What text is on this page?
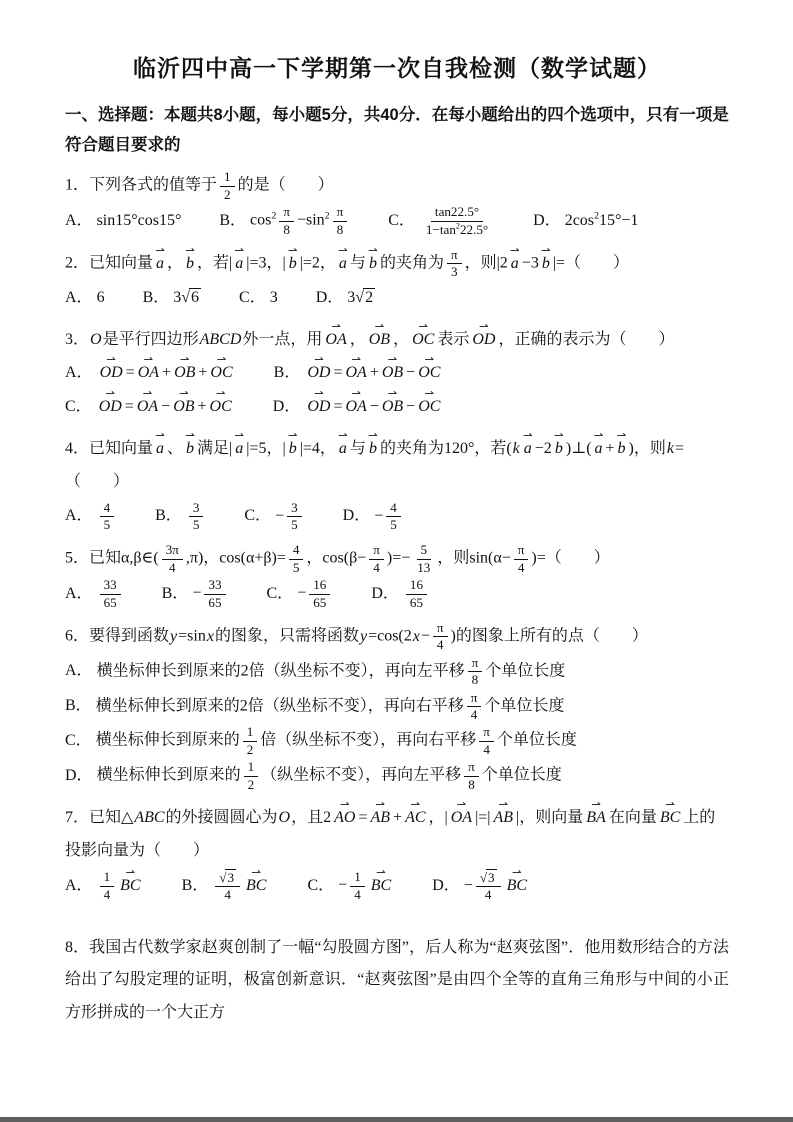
临沂四中高一下学期第一次自我检测（数学试题）
一、选择题：本题共8小题，每小题5分，共40分．在每小题给出的四个选项中，只有一项是符合题目要求的
1．下列各式的值等于 $\frac{1}{2}$ 的是（　　）
A． sin15°cos15° B． $\cos^2 \frac{\pi}{8} -\sin^2 \frac{\pi}{8}$	C． $\frac{\tan 22.5^\circ}{1-\tan^222.5^\circ}$	D． $2\cos^215^\circ-1$
2．已知向量 ⇀ a ， ⇀ b ，若| ⇀ a |=3，| ⇀ b |=2， ⇀ a 与 ⇀ b 的夹角为 $\frac{\pi}{3}$ ，则|2 ⇀ a −3 ⇀ b |=（　　）
A． 6 B． 3√6	C． 3 D． 3√2
3．O是平行四边形ABCD外一点，用 ⇀ OA ， ⇀ OB ， ⇀ OC 表示 ⇀ OD ，正确的表示为（　　）
A． ⇀ OD = ⇀ OA + ⇀ OB + ⇀ OC	B． ⇀ OD = ⇀ OA + ⇀ OB − ⇀ OC
C． ⇀ OD = ⇀ OA − ⇀ OB + ⇀ OC	D． ⇀ OD = ⇀ OA − ⇀ OB − ⇀ OC
4．已知向量 ⇀ a 、 ⇀ b 满足| ⇀ a |=5，| ⇀ b |=4， ⇀ a 与 ⇀ b 的夹角为120°，若(k ⇀ a −2 ⇀ b )⊥( ⇀ a + ⇀ b )，则k=（　　）
A． $\frac{4}{5}$	B． $\frac{3}{5}$	C． − $\frac{3}{5}$	D． − $\frac{4}{5}$
5．已知α,β∈( $\frac{3\pi}{4} ,\pi$)，$\cos(\alpha+\beta)= \frac{4}{5}$ ，$\cos(\beta- \frac{\pi}{4}$ )=− $\frac{5}{13}$ ，则$\sin(\alpha- \frac{\pi}{4}$ )=（　　）
A． $\frac{33}{65}$	B． − $\frac{33}{65}$	C． − $\frac{16}{65}$	D． $\frac{16}{65}$
6．要得到函数y=sinx的图象，只需将函数$y=\cos(2x- \frac{\pi}{4}$ )的图象上所有的点（　　）
A． 横坐标伸长到原来的2倍（纵坐标不变），再向左平移 $\frac{\pi}{8}$ 个单位长度
B． 横坐标伸长到原来的2倍（纵坐标不变），再向右平移 $\frac{\pi}{4}$ 个单位长度
C． 横坐标伸长到原来的 $\frac{1}{2}$ 倍（纵坐标不变），再向右平移 $\frac{\pi}{4}$ 个单位长度
D． 横坐标伸长到原来的 $\frac{1}{2}$ （纵坐标不变），再向左平移 $\frac{\pi}{8}$ 个单位长度
7．已知△ABC的外接圆圆心为O，且2 ⇀ AO = ⇀ AB + ⇀ AC ，| ⇀ OA |=| ⇀ AB |，则向量 ⇀ BA 在向量 ⇀ BC 上的投影向量为（　　）
A． $\frac{1}{4}$ ⇀ BC	B． $\frac{√3}{4}$ ⇀ BC	C． − $\frac{1}{4}$ ⇀ BC	D． − $\frac{√3}{4}$ ⇀ BC
8．我国古代数学家赵爽创制了一幅“勾股圆方图”，后人称为“赵爽弦图”．他用数形结合的方法给出了勾股定理的证明，极富创新意识．“赵爽弦图”是由四个全等的直角三角形与中间的小正方形拼成的一个大正方
